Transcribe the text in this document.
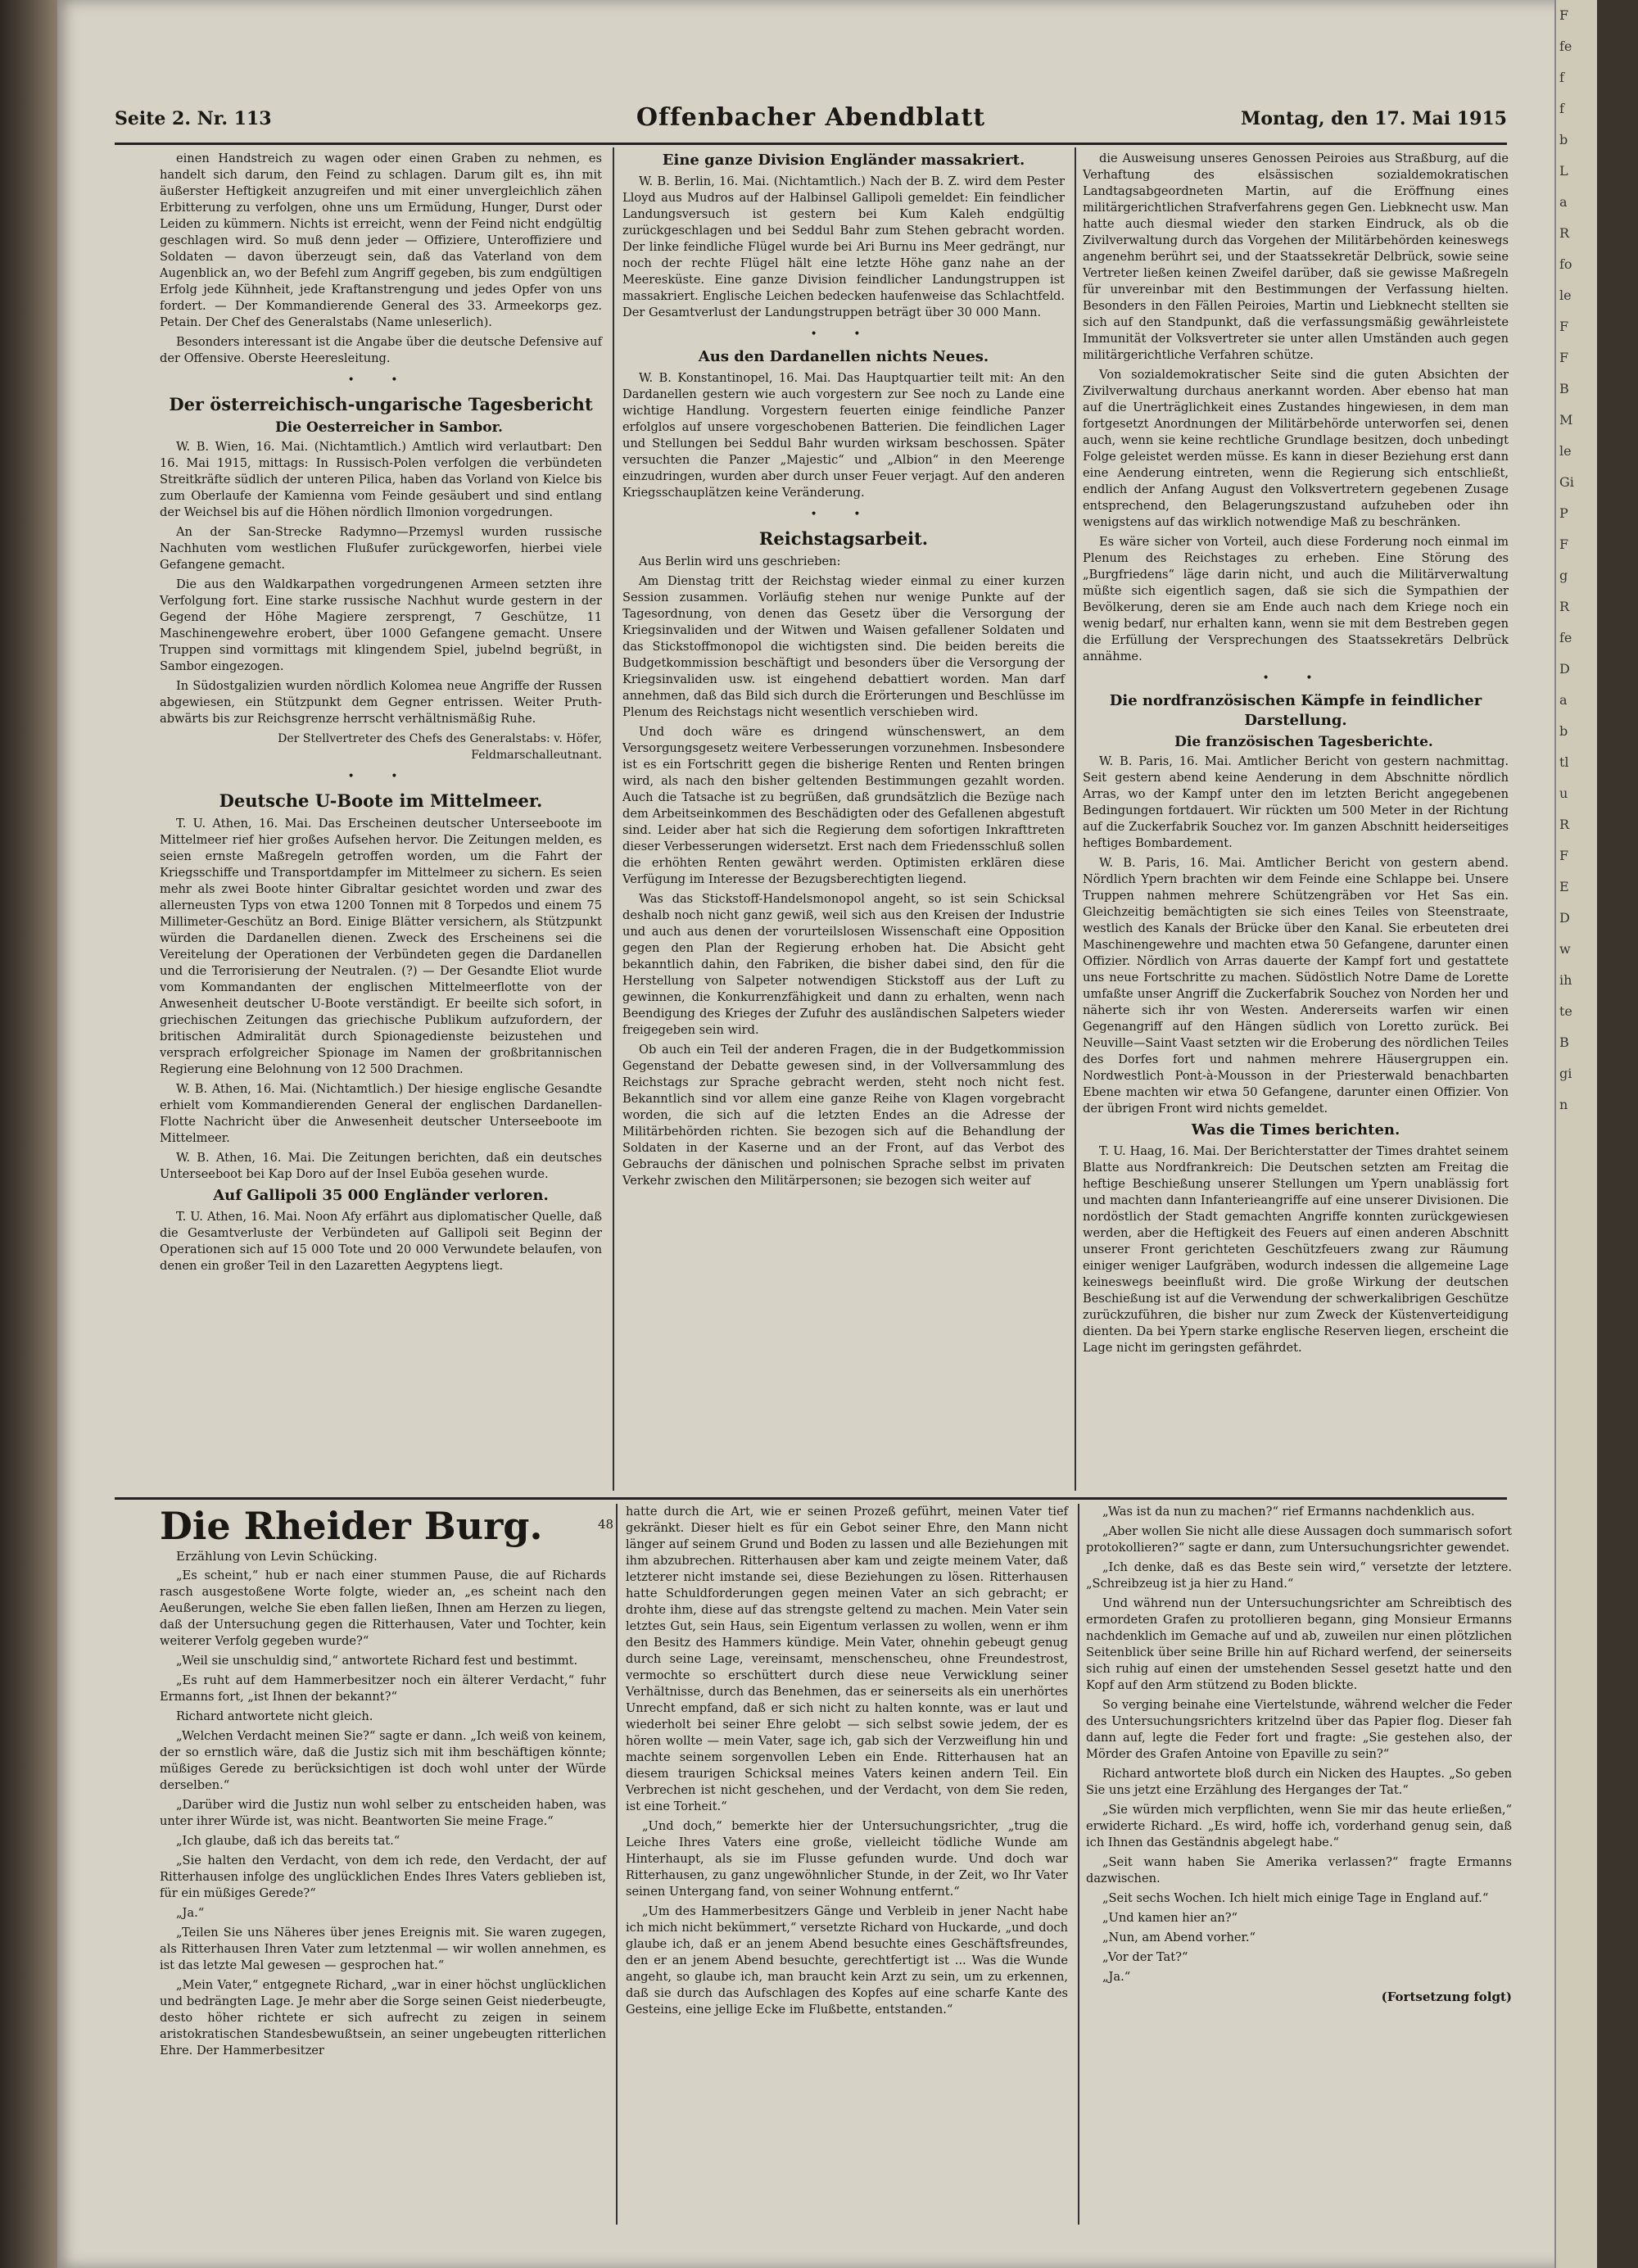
F
fe
f
f
b
L
a
R
fo
le
F
F
B
M
le
Gi
P
F
g
R
fe
D
a
b
tl
u
R
F
E
D
w
ih
te
B
gi
n
Seite 2. Nr. 113	Offenbacher Abendblatt	Montag, den 17. Mai 1915

einen Handstreich zu wagen oder einen Graben zu nehmen, es handelt sich darum, den Feind zu schlagen. Darum gilt es, ihn mit äußerster Heftigkeit anzugreifen und mit einer unvergleichlich zähen Erbitterung zu verfolgen, ohne uns um Ermüdung, Hunger, Durst oder Leiden zu kümmern. Nichts ist erreicht, wenn der Feind nicht endgültig geschlagen wird. So muß denn jeder — Offiziere, Unteroffiziere und Soldaten — davon überzeugt sein, daß das Vaterland von dem Augenblick an, wo der Befehl zum Angriff gegeben, bis zum endgültigen Erfolg jede Kühnheit, jede Kraftanstrengung und jedes Opfer von uns fordert. — Der Kommandierende General des 33. Armeekorps gez. Petain. Der Chef des Generalstabs (Name unleserlich).

Besonders interessant ist die Angabe über die deutsche Defensive auf der Offensive. Oberste Heeresleitung.

• •

Der österreichisch-ungarische Tagesbericht

Die Oesterreicher in Sambor.

W. B. Wien, 16. Mai. (Nichtamtlich.) Amtlich wird verlautbart: Den 16. Mai 1915, mittags: In Russisch-Polen verfolgen die verbündeten Streitkräfte südlich der unteren Pilica, haben das Vorland von Kielce bis zum Oberlaufe der Kamienna vom Feinde gesäubert und sind entlang der Weichsel bis auf die Höhen nördlich Ilmonion vorgedrungen.

An der San-Strecke Radymno—Przemysl wurden russische Nachhuten vom westlichen Flußufer zurückgeworfen, hierbei viele Gefangene gemacht.

Die aus den Waldkarpathen vorgedrungenen Armeen setzten ihre Verfolgung fort. Eine starke russische Nachhut wurde gestern in der Gegend der Höhe Magiere zersprengt, 7 Geschütze, 11 Maschinengewehre erobert, über 1000 Gefangene gemacht. Unsere Truppen sind vormittags mit klingendem Spiel, jubelnd begrüßt, in Sambor eingezogen.

In Südostgalizien wurden nördlich Kolomea neue Angriffe der Russen abgewiesen, ein Stützpunkt dem Gegner entrissen. Weiter Pruth-abwärts bis zur Reichsgrenze herrscht verhältnismäßig Ruhe.

Der Stellvertreter des Chefs des Generalstabs: v. Höfer, Feldmarschalleutnant.

• •

Deutsche U-Boote im Mittelmeer.

T. U. Athen, 16. Mai. Das Erscheinen deutscher Unterseeboote im Mittelmeer rief hier großes Aufsehen hervor. Die Zeitungen melden, es seien ernste Maßregeln getroffen worden, um die Fahrt der Kriegsschiffe und Transportdampfer im Mittelmeer zu sichern. Es seien mehr als zwei Boote hinter Gibraltar gesichtet worden und zwar des allerneusten Typs von etwa 1200 Tonnen mit 8 Torpedos und einem 75 Millimeter-Geschütz an Bord. Einige Blätter versichern, als Stützpunkt würden die Dardanellen dienen. Zweck des Erscheinens sei die Vereitelung der Operationen der Verbündeten gegen die Dardanellen und die Terrorisierung der Neutralen. (?) — Der Gesandte Eliot wurde vom Kommandanten der englischen Mittelmeerflotte von der Anwesenheit deutscher U-Boote verständigt. Er beeilte sich sofort, in griechischen Zeitungen das griechische Publikum aufzufordern, der britischen Admiralität durch Spionagedienste beizustehen und versprach erfolgreicher Spionage im Namen der großbritannischen Regierung eine Belohnung von 12 500 Drachmen.

W. B. Athen, 16. Mai. (Nichtamtlich.) Der hiesige englische Gesandte erhielt vom Kommandierenden General der englischen Dardanellen-Flotte Nachricht über die Anwesenheit deutscher Unterseeboote im Mittelmeer.

W. B. Athen, 16. Mai. Die Zeitungen berichten, daß ein deutsches Unterseeboot bei Kap Doro auf der Insel Euböa gesehen wurde.

Auf Gallipoli 35 000 Engländer verloren.

T. U. Athen, 16. Mai. Noon Afy erfährt aus diplomatischer Quelle, daß die Gesamtverluste der Verbündeten auf Gallipoli seit Beginn der Operationen sich auf 15 000 Tote und 20 000 Verwundete belaufen, von denen ein großer Teil in den Lazaretten Aegyptens liegt.

Eine ganze Division Engländer massakriert.

W. B. Berlin, 16. Mai. (Nichtamtlich.) Nach der B. Z. wird dem Pester Lloyd aus Mudros auf der Halbinsel Gallipoli gemeldet: Ein feindlicher Landungsversuch ist gestern bei Kum Kaleh endgültig zurückgeschlagen und bei Seddul Bahr zum Stehen gebracht worden. Der linke feindliche Flügel wurde bei Ari Burnu ins Meer gedrängt, nur noch der rechte Flügel hält eine letzte Höhe ganz nahe an der Meeresküste. Eine ganze Division feindlicher Landungstruppen ist massakriert. Englische Leichen bedecken haufenweise das Schlachtfeld. Der Gesamtverlust der Landungstruppen beträgt über 30 000 Mann.

• •

Aus den Dardanellen nichts Neues.

W. B. Konstantinopel, 16. Mai. Das Hauptquartier teilt mit: An den Dardanellen gestern wie auch vorgestern zur See noch zu Lande eine wichtige Handlung. Vorgestern feuerten einige feindliche Panzer erfolglos auf unsere vorgeschobenen Batterien. Die feindlichen Lager und Stellungen bei Seddul Bahr wurden wirksam beschossen. Später versuchten die Panzer „Majestic“ und „Albion“ in den Meerenge einzudringen, wurden aber durch unser Feuer verjagt. Auf den anderen Kriegsschauplätzen keine Veränderung.

• •

Reichstagsarbeit.

Aus Berlin wird uns geschrieben:

Am Dienstag tritt der Reichstag wieder einmal zu einer kurzen Session zusammen. Vorläufig stehen nur wenige Punkte auf der Tagesordnung, von denen das Gesetz über die Versorgung der Kriegsinvaliden und der Witwen und Waisen gefallener Soldaten und das Stickstoffmonopol die wichtigsten sind. Die beiden bereits die Budgetkommission beschäftigt und besonders über die Versorgung der Kriegsinvaliden usw. ist eingehend debattiert worden. Man darf annehmen, daß das Bild sich durch die Erörterungen und Beschlüsse im Plenum des Reichstags nicht wesentlich verschieben wird.

Und doch wäre es dringend wünschenswert, an dem Versorgungsgesetz weitere Verbesserungen vorzunehmen. Insbesondere ist es ein Fortschritt gegen die bisherige Renten und Renten bringen wird, als nach den bisher geltenden Bestimmungen gezahlt worden. Auch die Tatsache ist zu begrüßen, daß grundsätzlich die Bezüge nach dem Arbeitseinkommen des Beschädigten oder des Gefallenen abgestuft sind. Leider aber hat sich die Regierung dem sofortigen Inkrafttreten dieser Verbesserungen widersetzt. Erst nach dem Friedensschluß sollen die erhöhten Renten gewährt werden. Optimisten erklären diese Verfügung im Interesse der Bezugsberechtigten liegend.

Was das Stickstoff-Handelsmonopol angeht, so ist sein Schicksal deshalb noch nicht ganz gewiß, weil sich aus den Kreisen der Industrie und auch aus denen der vorurteilslosen Wissenschaft eine Opposition gegen den Plan der Regierung erhoben hat. Die Absicht geht bekanntlich dahin, den Fabriken, die bisher dabei sind, den für die Herstellung von Salpeter notwendigen Stickstoff aus der Luft zu gewinnen, die Konkurrenzfähigkeit und dann zu erhalten, wenn nach Beendigung des Krieges der Zufuhr des ausländischen Salpeters wieder freigegeben sein wird.

Ob auch ein Teil der anderen Fragen, die in der Budgetkommission Gegenstand der Debatte gewesen sind, in der Vollversammlung des Reichstags zur Sprache gebracht werden, steht noch nicht fest. Bekanntlich sind vor allem eine ganze Reihe von Klagen vorgebracht worden, die sich auf die letzten Endes an die Adresse der Militärbehörden richten. Sie bezogen sich auf die Behandlung der Soldaten in der Kaserne und an der Front, auf das Verbot des Gebrauchs der dänischen und polnischen Sprache selbst im privaten Verkehr zwischen den Militärpersonen; sie bezogen sich weiter auf

die Ausweisung unseres Genossen Peiroies aus Straßburg, auf die Verhaftung des elsässischen sozialdemokratischen Landtagsabgeordneten Martin, auf die Eröffnung eines militärgerichtlichen Strafverfahrens gegen Gen. Liebknecht usw. Man hatte auch diesmal wieder den starken Eindruck, als ob die Zivilverwaltung durch das Vorgehen der Militärbehörden keineswegs angenehm berührt sei, und der Staatssekretär Delbrück, sowie seine Vertreter ließen keinen Zweifel darüber, daß sie gewisse Maßregeln für unvereinbar mit den Bestimmungen der Verfassung hielten. Besonders in den Fällen Peiroies, Martin und Liebknecht stellten sie sich auf den Standpunkt, daß die verfassungsmäßig gewährleistete Immunität der Volksvertreter sie unter allen Umständen auch gegen militärgerichtliche Verfahren schütze.

Von sozialdemokratischer Seite sind die guten Absichten der Zivilverwaltung durchaus anerkannt worden. Aber ebenso hat man auf die Unerträglichkeit eines Zustandes hingewiesen, in dem man fortgesetzt Anordnungen der Militärbehörde unterworfen sei, denen auch, wenn sie keine rechtliche Grundlage besitzen, doch unbedingt Folge geleistet werden müsse. Es kann in dieser Beziehung erst dann eine Aenderung eintreten, wenn die Regierung sich entschließt, endlich der Anfang August den Volksvertretern gegebenen Zusage entsprechend, den Belagerungszustand aufzuheben oder ihn wenigstens auf das wirklich notwendige Maß zu beschränken.

Es wäre sicher von Vorteil, auch diese Forderung noch einmal im Plenum des Reichstages zu erheben. Eine Störung des „Burgfriedens“ läge darin nicht, und auch die Militärverwaltung müßte sich eigentlich sagen, daß sie sich die Sympathien der Bevölkerung, deren sie am Ende auch nach dem Kriege noch ein wenig bedarf, nur erhalten kann, wenn sie mit dem Bestreben gegen die Erfüllung der Versprechungen des Staatssekretärs Delbrück annähme.

• •

Die nordfranzösischen Kämpfe in feindlicher Darstellung.

Die französischen Tagesberichte.

W. B. Paris, 16. Mai. Amtlicher Bericht von gestern nachmittag. Seit gestern abend keine Aenderung in dem Abschnitte nördlich Arras, wo der Kampf unter den im letzten Bericht angegebenen Bedingungen fortdauert. Wir rückten um 500 Meter in der Richtung auf die Zuckerfabrik Souchez vor. Im ganzen Abschnitt heiderseitiges heftiges Bombardement.

W. B. Paris, 16. Mai. Amtlicher Bericht von gestern abend. Nördlich Ypern brachten wir dem Feinde eine Schlappe bei. Unsere Truppen nahmen mehrere Schützengräben vor Het Sas ein. Gleichzeitig bemächtigten sie sich eines Teiles von Steenstraate, westlich des Kanals der Brücke über den Kanal. Sie erbeuteten drei Maschinengewehre und machten etwa 50 Gefangene, darunter einen Offizier. Nördlich von Arras dauerte der Kampf fort und gestattete uns neue Fortschritte zu machen. Südöstlich Notre Dame de Lorette umfaßte unser Angriff die Zuckerfabrik Souchez von Norden her und näherte sich ihr von Westen. Andererseits warfen wir einen Gegenangriff auf den Hängen südlich von Loretto zurück. Bei Neuville—Saint Vaast setzten wir die Eroberung des nördlichen Teiles des Dorfes fort und nahmen mehrere Häusergruppen ein. Nordwestlich Pont-à-Mousson in der Priesterwald benachbarten Ebene machten wir etwa 50 Gefangene, darunter einen Offizier. Von der übrigen Front wird nichts gemeldet.

Was die Times berichten.

T. U. Haag, 16. Mai. Der Berichterstatter der Times drahtet seinem Blatte aus Nordfrankreich: Die Deutschen setzten am Freitag die heftige Beschießung unserer Stellungen um Ypern unablässig fort und machten dann Infanterieangriffe auf eine unserer Divisionen. Die nordöstlich der Stadt gemachten Angriffe konnten zurückgewiesen werden, aber die Heftigkeit des Feuers auf einen anderen Abschnitt unserer Front gerichteten Geschützfeuers zwang zur Räumung einiger weniger Laufgräben, wodurch indessen die allgemeine Lage keineswegs beeinflußt wird. Die große Wirkung der deutschen Beschießung ist auf die Verwendung der schwerkalibrigen Geschütze zurückzuführen, die bisher nur zum Zweck der Küstenverteidigung dienten. Da bei Ypern starke englische Reserven liegen, erscheint die Lage nicht im geringsten gefährdet.

Die Rheider Burg.

Erzählung von Levin Schücking.

„Es scheint,“ hub er nach einer stummen Pause, die auf Richards rasch ausgestoßene Worte folgte, wieder an, „es scheint nach den Aeußerungen, welche Sie eben fallen ließen, Ihnen am Herzen zu liegen, daß der Untersuchung gegen die Ritterhausen, Vater und Tochter, kein weiterer Verfolg gegeben wurde?“

„Weil sie unschuldig sind,“ antwortete Richard fest und bestimmt.

„Es ruht auf dem Hammerbesitzer noch ein älterer Verdacht,“ fuhr Ermanns fort, „ist Ihnen der bekannt?“

Richard antwortete nicht gleich.

„Welchen Verdacht meinen Sie?“ sagte er dann. „Ich weiß von keinem, der so ernstlich wäre, daß die Justiz sich mit ihm beschäftigen könnte; müßiges Gerede zu berücksichtigen ist doch wohl unter der Würde derselben.“

„Darüber wird die Justiz nun wohl selber zu entscheiden haben, was unter ihrer Würde ist, was nicht. Beantworten Sie meine Frage.“

„Ich glaube, daß ich das bereits tat.“

„Sie halten den Verdacht, von dem ich rede, den Verdacht, der auf Ritterhausen infolge des unglücklichen Endes Ihres Vaters geblieben ist, für ein müßiges Gerede?“

„Ja.“

„Teilen Sie uns Näheres über jenes Ereignis mit. Sie waren zugegen, als Ritterhausen Ihren Vater zum letztenmal — wir wollen annehmen, es ist das letzte Mal gewesen — gesprochen hat.“

„Mein Vater,“ entgegnete Richard, „war in einer höchst unglücklichen und bedrängten Lage. Je mehr aber die Sorge seinen Geist niederbeugte, desto höher richtete er sich aufrecht zu zeigen in seinem aristokratischen Standesbewußtsein, an seiner ungebeugten ritterlichen Ehre. Der Hammerbesitzer

48

hatte durch die Art, wie er seinen Prozeß geführt, meinen Vater tief gekränkt. Dieser hielt es für ein Gebot seiner Ehre, den Mann nicht länger auf seinem Grund und Boden zu lassen und alle Beziehungen mit ihm abzubrechen. Ritterhausen aber kam und zeigte meinem Vater, daß letzterer nicht imstande sei, diese Beziehungen zu lösen. Ritterhausen hatte Schuldforderungen gegen meinen Vater an sich gebracht; er drohte ihm, diese auf das strengste geltend zu machen. Mein Vater sein letztes Gut, sein Haus, sein Eigentum verlassen zu wollen, wenn er ihm den Besitz des Hammers kündige. Mein Vater, ohnehin gebeugt genug durch seine Lage, vereinsamt, menschenscheu, ohne Freundestrost, vermochte so erschüttert durch diese neue Verwicklung seiner Verhältnisse, durch das Benehmen, das er seinerseits als ein unerhörtes Unrecht empfand, daß er sich nicht zu halten konnte, was er laut und wiederholt bei seiner Ehre gelobt — sich selbst sowie jedem, der es hören wollte — mein Vater, sage ich, gab sich der Verzweiflung hin und machte seinem sorgenvollen Leben ein Ende. Ritterhausen hat an diesem traurigen Schicksal meines Vaters keinen andern Teil. Ein Verbrechen ist nicht geschehen, und der Verdacht, von dem Sie reden, ist eine Torheit.“

„Und doch,“ bemerkte hier der Untersuchungsrichter, „trug die Leiche Ihres Vaters eine große, vielleicht tödliche Wunde am Hinterhaupt, als sie im Flusse gefunden wurde. Und doch war Ritterhausen, zu ganz ungewöhnlicher Stunde, in der Zeit, wo Ihr Vater seinen Untergang fand, von seiner Wohnung entfernt.“

„Um des Hammerbesitzers Gänge und Verbleib in jener Nacht habe ich mich nicht bekümmert,“ versetzte Richard von Huckarde, „und doch glaube ich, daß er an jenem Abend besuchte eines Geschäftsfreundes, den er an jenem Abend besuchte, gerechtfertigt ist ... Was die Wunde angeht, so glaube ich, man braucht kein Arzt zu sein, um zu erkennen, daß sie durch das Aufschlagen des Kopfes auf eine scharfe Kante des Gesteins, eine jellige Ecke im Flußbette, entstanden.“

„Was ist da nun zu machen?“ rief Ermanns nachdenklich aus.

„Aber wollen Sie nicht alle diese Aussagen doch summarisch sofort protokollieren?“ sagte er dann, zum Untersuchungsrichter gewendet.

„Ich denke, daß es das Beste sein wird,“ versetzte der letztere. „Schreibzeug ist ja hier zu Hand.“

Und während nun der Untersuchungsrichter am Schreibtisch des ermordeten Grafen zu protollieren begann, ging Monsieur Ermanns nachdenklich im Gemache auf und ab, zuweilen nur einen plötzlichen Seitenblick über seine Brille hin auf Richard werfend, der seinerseits sich ruhig auf einen der umstehenden Sessel gesetzt hatte und den Kopf auf den Arm stützend zu Boden blickte.

So verging beinahe eine Viertelstunde, während welcher die Feder des Untersuchungsrichters kritzelnd über das Papier flog. Dieser fah dann auf, legte die Feder fort und fragte: „Sie gestehen also, der Mörder des Grafen Antoine von Epaville zu sein?“

Richard antwortete bloß durch ein Nicken des Hauptes. „So geben Sie uns jetzt eine Erzählung des Herganges der Tat.“

„Sie würden mich verpflichten, wenn Sie mir das heute erließen,“ erwiderte Richard. „Es wird, hoffe ich, vorderhand genug sein, daß ich Ihnen das Geständnis abgelegt habe.“

„Seit wann haben Sie Amerika verlassen?“ fragte Ermanns dazwischen.

„Seit sechs Wochen. Ich hielt mich einige Tage in England auf.“

„Und kamen hier an?“

„Nun, am Abend vorher.“

„Vor der Tat?“

„Ja.“

(Fortsetzung folgt)
